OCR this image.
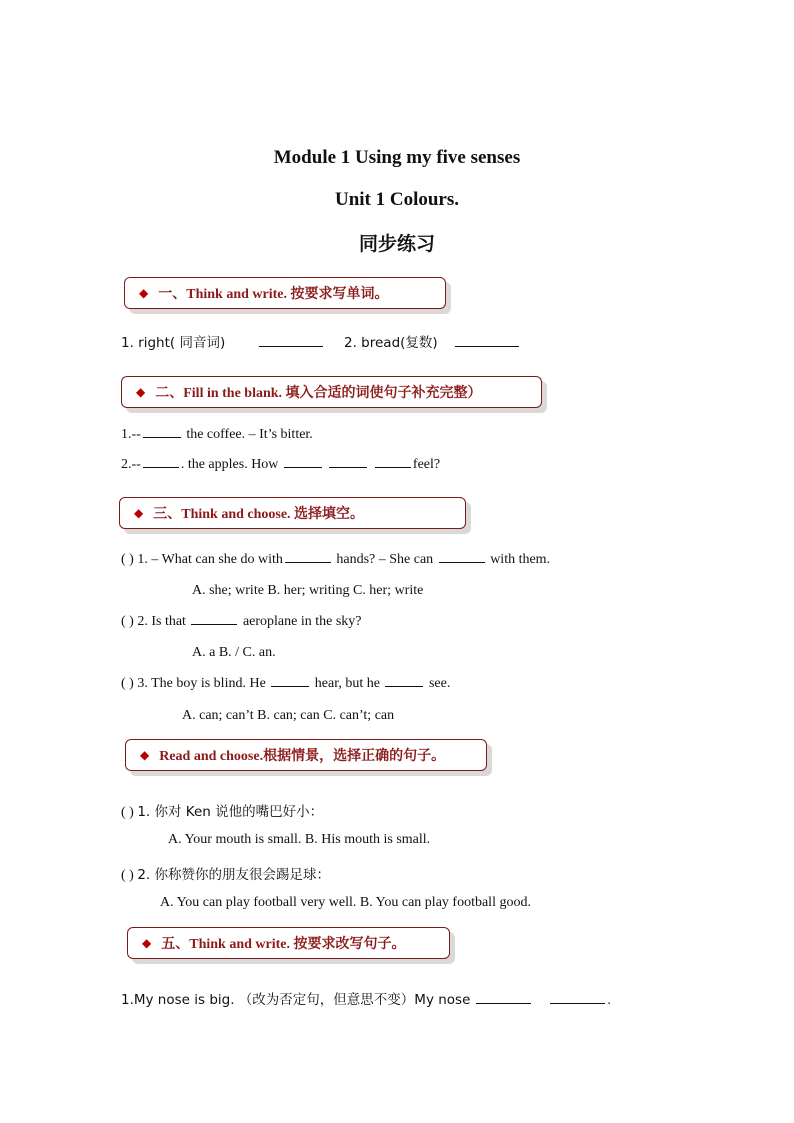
Module 1 Using my five senses
Unit 1 Colours.
同步练习
◆ 一、Think and write. 按要求写单词。
1. right( 同音词)	2. bread(复数)
◆ 二、Fill in the blank. 填入合适的词使句子补充完整）
1.--	the coffee. – It’s bitter.
2.--	. the apples. How	feel?
◆ 三、Think and choose. 选择填空。
( ) 1. – What can she do with	hands? – She can	with them.
A. she; write B. her; writing C. her; write
( ) 2. Is that	aeroplane in the sky?
A. a B. / C. an.
( ) 3. The boy is blind. He	hear, but he	see.
A. can; can’t B. can; can C. can’t; can
◆ Read and choose.根据情景，选择正确的句子。
( ) 1. 你对 Ken 说他的嘴巴好小：
A. Your mouth is small. B. His mouth is small.
( ) 2. 你称赞你的朋友很会踢足球：
A. You can play football very well. B. You can play football good.
◆ 五、Think and write. 按要求改写句子。
1.My nose is big. （改为否定句，但意思不变）My nose	.
